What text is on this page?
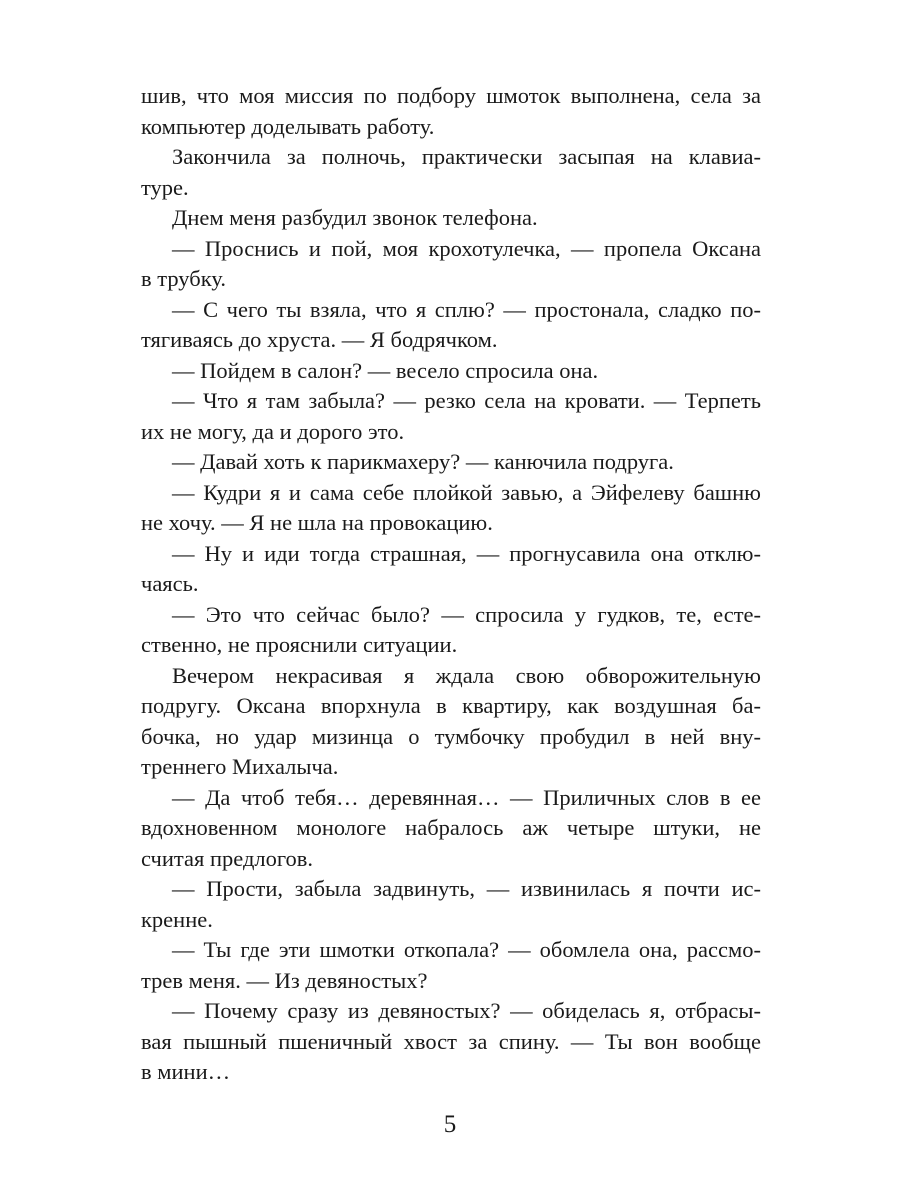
шив, что моя миссия по подбору шмоток выполнена, села за
компьютер доделывать работу.
Закончила за полночь, практически засыпая на клавиа-
туре.
Днем меня разбудил звонок телефона.
— Проснись и пой, моя крохотулечка, — пропела Оксана
в трубку.
— С чего ты взяла, что я сплю? — простонала, сладко по-
тягиваясь до хруста. — Я бодрячком.
— Пойдем в салон? — весело спросила она.
— Что я там забыла? — резко села на кровати. — Терпеть
их не могу, да и дорого это.
— Давай хоть к парикмахеру? — канючила подруга.
— Кудри я и сама себе плойкой завью, а Эйфелеву башню
не хочу. — Я не шла на провокацию.
— Ну и иди тогда страшная, — прогнусавила она отклю-
чаясь.
— Это что сейчас было? — спросила у гудков, те, есте-
ственно, не прояснили ситуации.
Вечером некрасивая я ждала свою обворожительную
подругу. Оксана впорхнула в квартиру, как воздушная ба-
бочка, но удар мизинца о тумбочку пробудил в ней вну-
треннего Михалыча.
— Да чтоб тебя… деревянная… — Приличных слов в ее
вдохновенном монологе набралось аж четыре штуки, не
считая предлогов.
— Прости, забыла задвинуть, — извинилась я почти ис-
кренне.
— Ты где эти шмотки откопала? — обомлела она, рассмо-
трев меня. — Из девяностых?
— Почему сразу из девяностых? — обиделась я, отбрасы-
вая пышный пшеничный хвост за спину. — Ты вон вообще
в мини…
5
